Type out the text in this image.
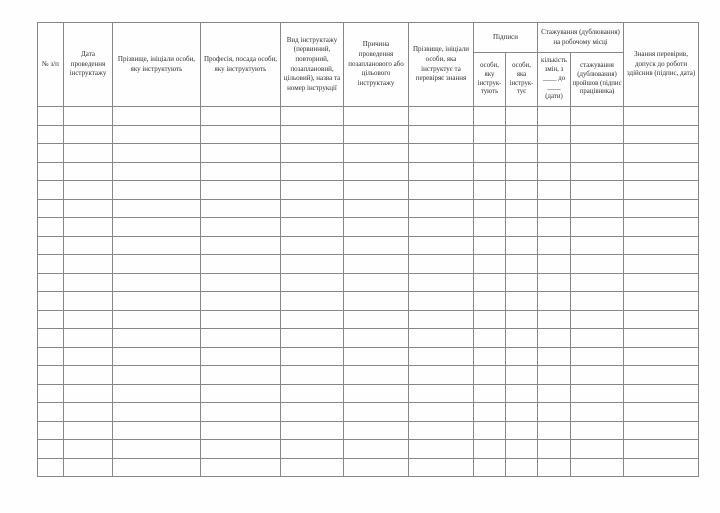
№ з/п	Дата проведення інструктажу	Прізвище, ініціали особи, яку інструктують	Професія, посада особи, яку інструктують	Вид інструктажу (первинний, повторний, позаплановий, цільовий), назва та номер інструкції	Причина проведення позапланового або цільового інструктажу	Прізвище, ініціали особи, яка інструктує та перевіряє знання	Підписи		Стажування (дублювання) на робочому місці		Знання перевірив, допуск до роботи здійснив (підпис, дата)
							особи, яку інструктують	особи, яка інструктує	кількість змін, з ____ до ____ (дати)	стажування (дублювання) пройшов (підпис працівника)	
